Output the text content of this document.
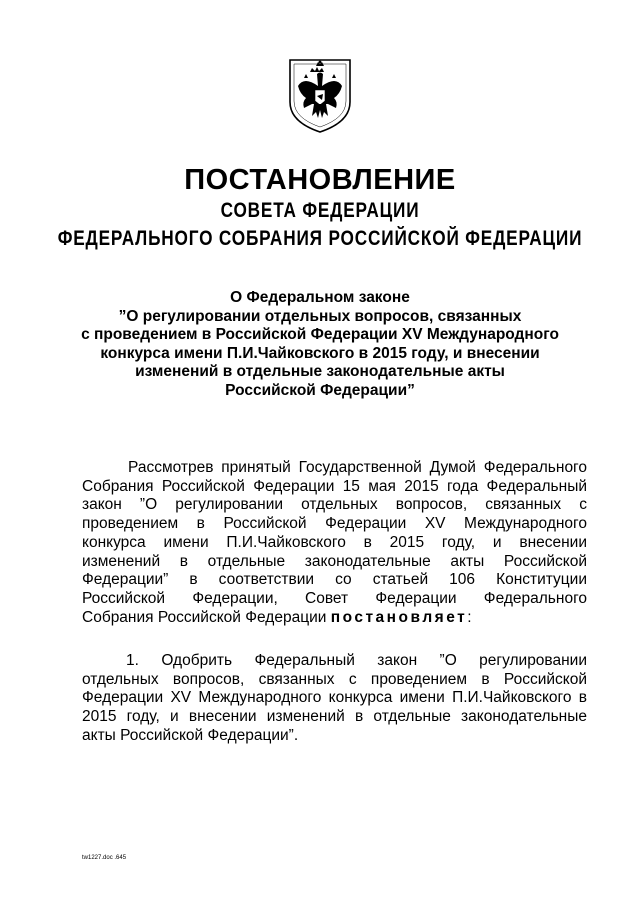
ПОСТАНОВЛЕНИЕ
СОВЕТА ФЕДЕРАЦИИ
ФЕДЕРАЛЬНОГО СОБРАНИЯ РОССИЙСКОЙ ФЕДЕРАЦИИ
О Федеральном законе
”О регулировании отдельных вопросов, связанных
с проведением в Российской Федерации XV Международного
конкурса имени П.И.Чайковского в 2015 году, и внесении
изменений в отдельные законодательные акты
Российской Федерации”
Рассмотрев принятый Государственной Думой Федерального
Собрания Российской Федерации 15 мая 2015 года Федеральный
закон ”О регулировании отдельных вопросов, связанных с
проведением в Российской Федерации XV Международного
конкурса имени П.И.Чайковского в 2015 году, и внесении
изменений в отдельные законодательные акты Российской
Федерации” в соответствии со статьей 106 Конституции
Российской Федерации, Совет Федерации Федерального
Собрания Российской Федерации постановляет:
1. Одобрить Федеральный закон ”О регулировании
отдельных вопросов, связанных с проведением в Российской
Федерации XV Международного конкурса имени П.И.Чайковского в
2015 году, и внесении изменений в отдельные законодательные
акты Российской Федерации”.
tw1227.doc .645
